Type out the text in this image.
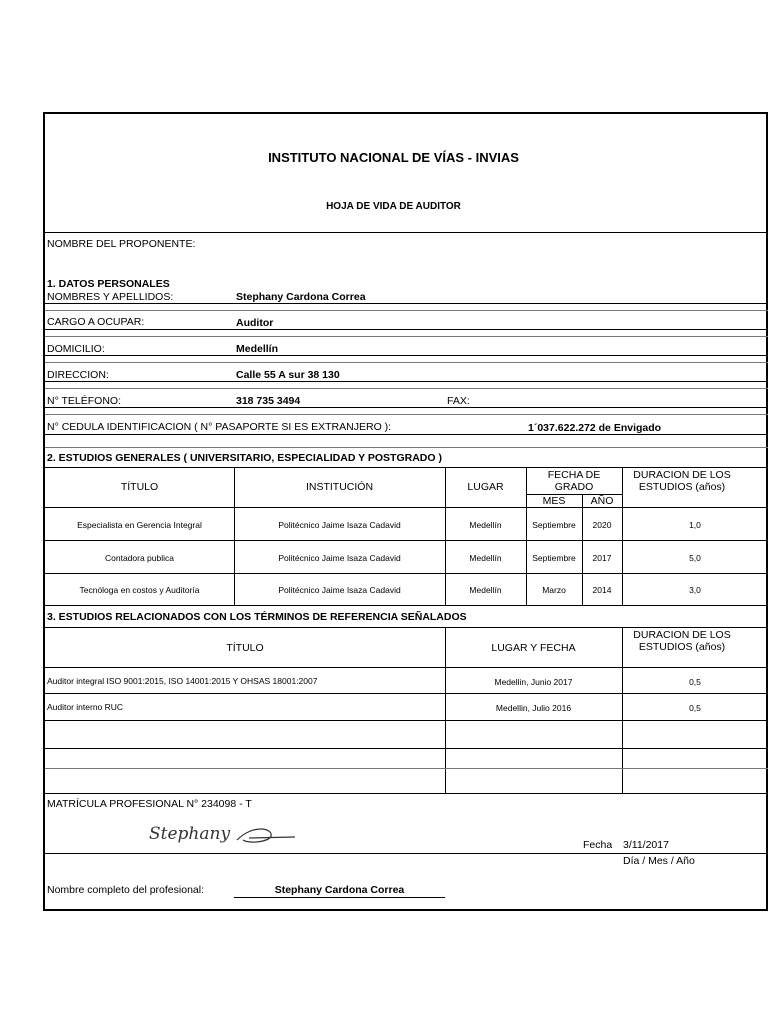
INSTITUTO NACIONAL DE VÍAS - INVIAS
HOJA DE VIDA DE AUDITOR
NOMBRE DEL PROPONENTE:
1. DATOS PERSONALES
NOMBRES Y APELLIDOS:	Stephany Cardona Correa
CARGO A OCUPAR:	Auditor
DOMICILIO:	Medellín
DIRECCION:	Calle 55 A sur 38 130
N° TELÉFONO:	318 735 3494	FAX:
N° CEDULA IDENTIFICACION ( N° PASAPORTE SI ES EXTRANJERO ):	1´037.622.272 de Envigado
2. ESTUDIOS GENERALES ( UNIVERSITARIO, ESPECIALIDAD Y POSTGRADO )
TÍTULO	INSTITUCIÓN	LUGAR
FECHA DE GRADO
MES	AÑO
DURACION DE LOS ESTUDIOS (años)
Especialista en Gerencia Integral	Politécnico Jaime Isaza Cadavid	Medellín	Septiembre	2020	1,0
Contadora publica	Politécnico Jaime Isaza Cadavid	Medellín	Septiembre	2017	5,0
Tecnóloga en costos y Auditoría	Politécnico Jaime Isaza Cadavid	Medellín	Marzo	2014	3,0
3. ESTUDIOS RELACIONADOS CON LOS TÉRMINOS DE REFERENCIA SEÑALADOS
TÍTULO	LUGAR Y FECHA
DURACION DE LOS ESTUDIOS (años)
Auditor integral ISO 9001:2015, ISO 14001:2015 Y OHSAS 18001:2007	Medellin, Junio 2017	0,5
Auditor interno RUC	Medellin, Julio 2016	0,5
MATRÍCULA PROFESIONAL N° 234098 - T
Stephany
Fecha 3/11/2017
Día / Mes / Año
Nombre completo del profesional:	Stephany Cardona Correa
